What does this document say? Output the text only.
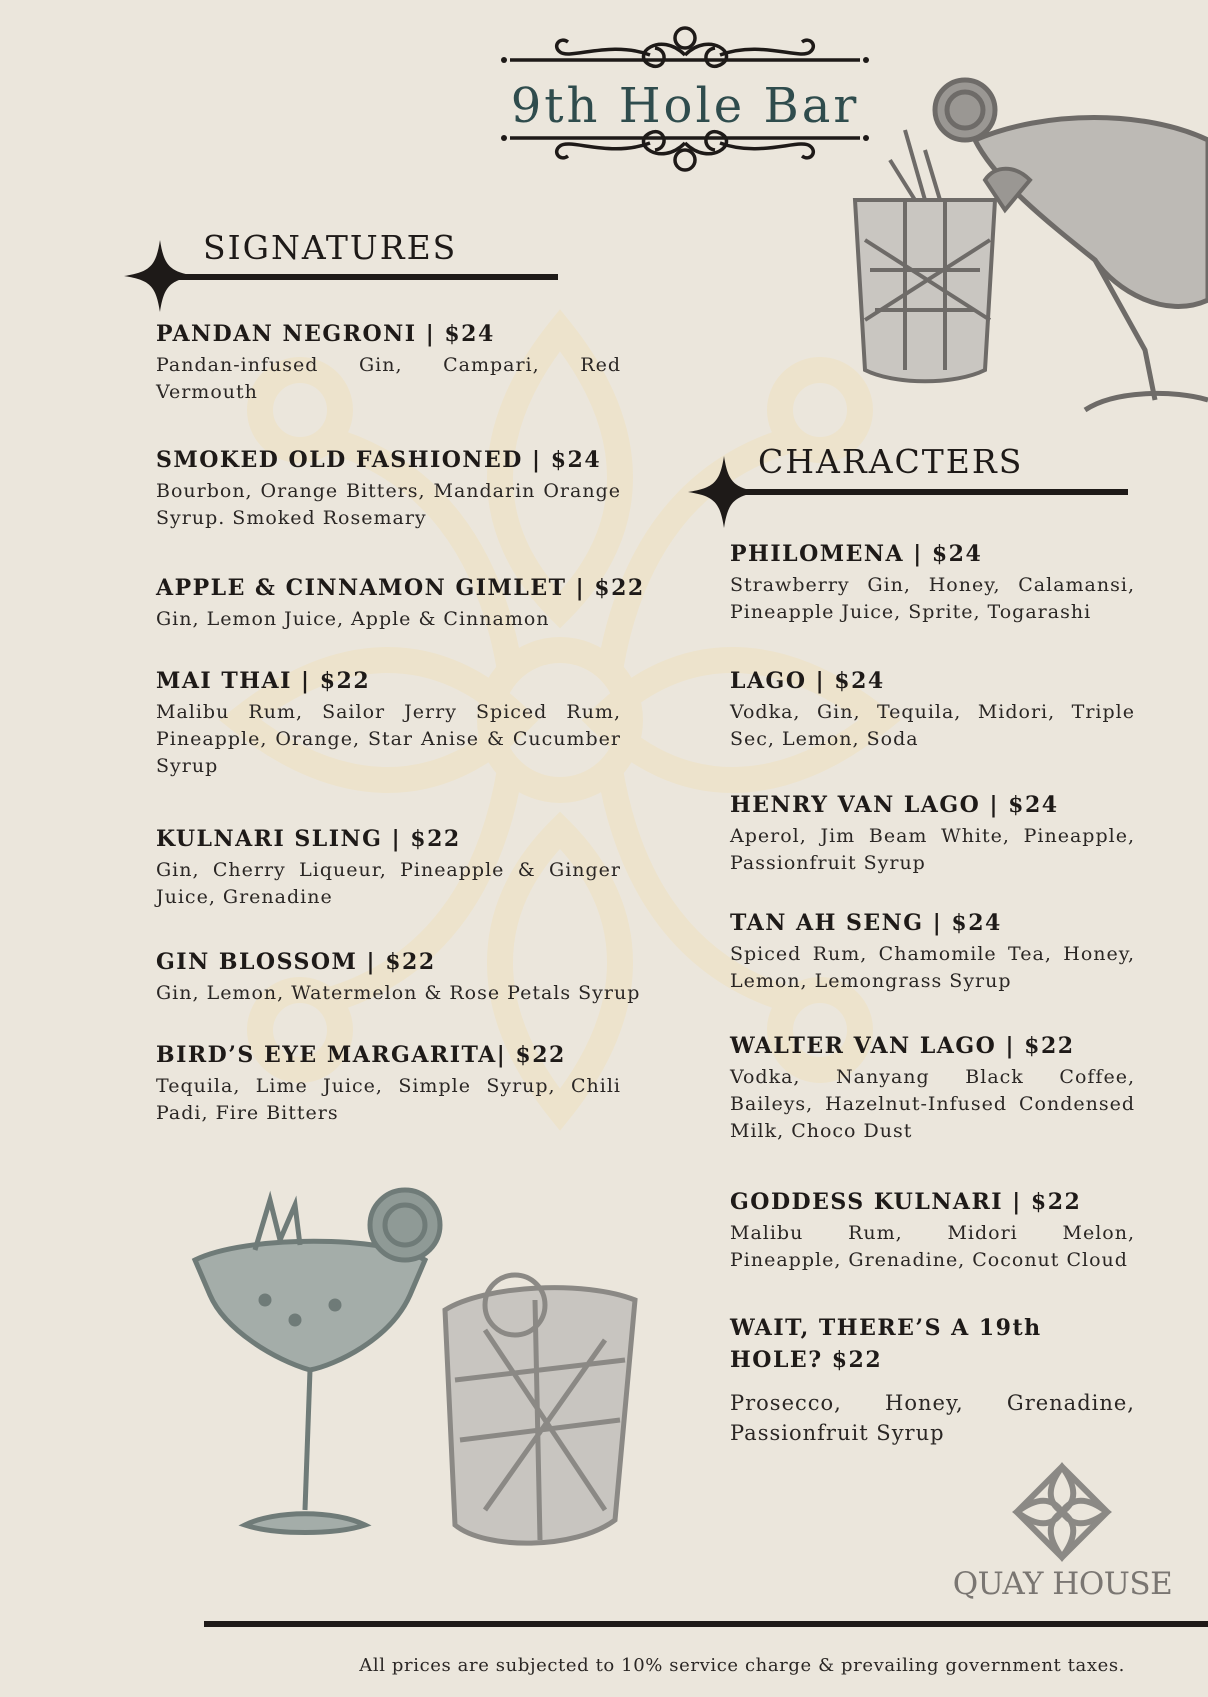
9th Hole Bar
SIGNATURES
PANDAN NEGRONI | $24
Pandan-infused Gin, Campari, Red Vermouth
SMOKED OLD FASHIONED | $24
Bourbon, Orange Bitters, Mandarin Orange Syrup. Smoked Rosemary
APPLE & CINNAMON GIMLET | $22
Gin, Lemon Juice, Apple & Cinnamon
MAI THAI | $22
Malibu Rum, Sailor Jerry Spiced Rum, Pineapple, Orange, Star Anise & Cucumber Syrup
KULNARI SLING | $22
Gin, Cherry Liqueur, Pineapple & Ginger Juice, Grenadine
GIN BLOSSOM | $22
Gin, Lemon, Watermelon & Rose Petals Syrup
BIRD’S EYE MARGARITA| $22
Tequila, Lime Juice, Simple Syrup, Chili Padi, Fire Bitters
CHARACTERS
PHILOMENA | $24
Strawberry Gin, Honey, Calamansi, Pineapple Juice, Sprite, Togarashi
LAGO | $24
Vodka, Gin, Tequila, Midori, Triple Sec, Lemon, Soda
HENRY VAN LAGO | $24
Aperol, Jim Beam White, Pineapple, Passionfruit Syrup
TAN AH SENG | $24
Spiced Rum, Chamomile Tea, Honey, Lemon, Lemongrass Syrup
WALTER VAN LAGO | $22
Vodka, Nanyang Black Coffee, Baileys, Hazelnut-Infused Condensed Milk, Choco Dust
GODDESS KULNARI | $22
Malibu Rum, Midori Melon, Pineapple, Grenadine, Coconut Cloud
WAIT, THERE’S A 19th HOLE? $22
Prosecco, Honey, Grenadine, Passionfruit Syrup
QUAY HOUSE
All prices are subjected to 10% service charge & prevailing government taxes.
